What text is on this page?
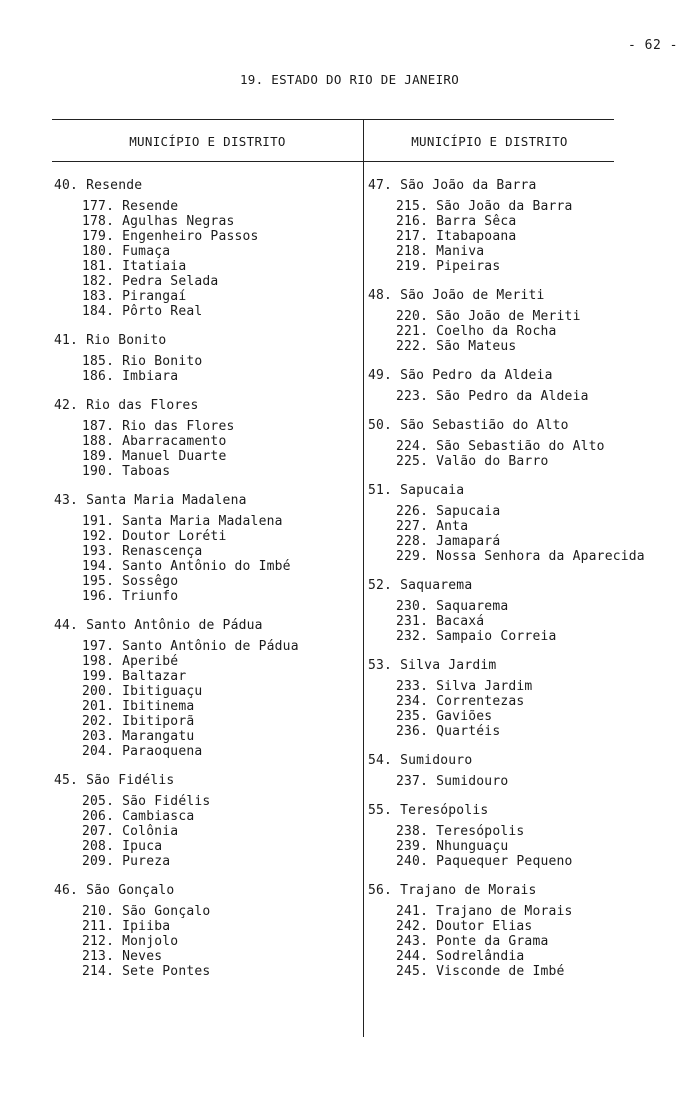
- 62 -
19. ESTADO DO RIO DE JANEIRO
MUNICÍPIO E DISTRITO	MUNICÍPIO E DISTRITO
40. Resende
177. Resende
178. Agulhas Negras
179. Engenheiro Passos
180. Fumaça
181. Itatiaia
182. Pedra Selada
183. Pirangaí
184. Pôrto Real
41. Rio Bonito
185. Rio Bonito
186. Imbiara
42. Rio das Flores
187. Rio das Flores
188. Abarracamento
189. Manuel Duarte
190. Taboas
43. Santa Maria Madalena
191. Santa Maria Madalena
192. Doutor Loréti
193. Renascença
194. Santo Antônio do Imbé
195. Sossêgo
196. Triunfo
44. Santo Antônio de Pádua
197. Santo Antônio de Pádua
198. Aperibé
199. Baltazar
200. Ibitiguaçu
201. Ibitinema
202. Ibitiporã
203. Marangatu
204. Paraoquena
45. São Fidélis
205. São Fidélis
206. Cambiasca
207. Colônia
208. Ipuca
209. Pureza
46. São Gonçalo
210. São Gonçalo
211. Ipiiba
212. Monjolo
213. Neves
214. Sete Pontes
47. São João da Barra
215. São João da Barra
216. Barra Sêca
217. Itabapoana
218. Maniva
219. Pipeiras
48. São João de Meriti
220. São João de Meriti
221. Coelho da Rocha
222. São Mateus
49. São Pedro da Aldeia
223. São Pedro da Aldeia
50. São Sebastião do Alto
224. São Sebastião do Alto
225. Valão do Barro
51. Sapucaia
226. Sapucaia
227. Anta
228. Jamapará
229. Nossa Senhora da Aparecida
52. Saquarema
230. Saquarema
231. Bacaxá
232. Sampaio Correia
53. Silva Jardim
233. Silva Jardim
234. Correntezas
235. Gaviões
236. Quartéis
54. Sumidouro
237. Sumidouro
55. Teresópolis
238. Teresópolis
239. Nhunguaçu
240. Paquequer Pequeno
56. Trajano de Morais
241. Trajano de Morais
242. Doutor Elias
243. Ponte da Grama
244. Sodrelândia
245. Visconde de Imbé
